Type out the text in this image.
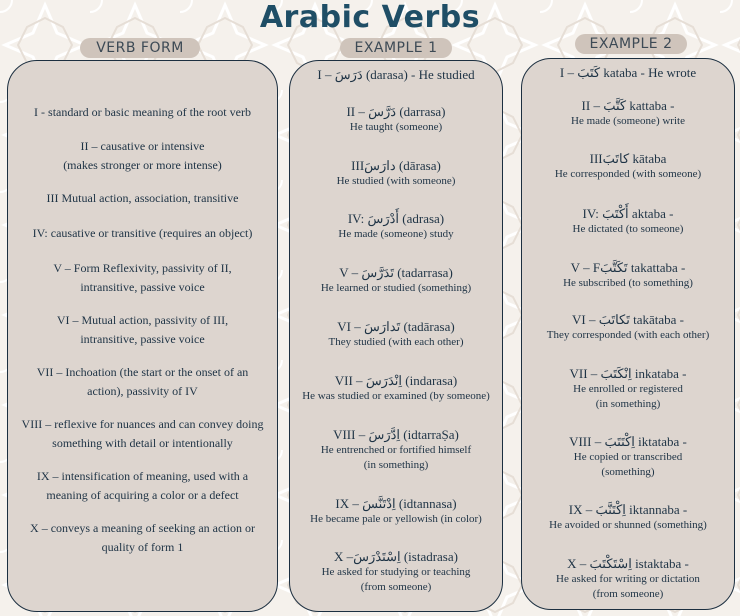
Arabic Verbs
VERB FORM	EXAMPLE 1	EXAMPLE 2
I - standard or basic meaning of the root verb
II – causative or intensive
(makes stronger or more intense)
III Mutual action, association, transitive
IV: causative or transitive (requires an object)
V – Form Reflexivity, passivity of II,
intransitive, passive voice
VI – Mutual action, passivity of III,
intransitive, passive voice
VII – Inchoation (the start or the onset of an
action), passivity of IV
VIII – reflexive for nuances and can convey doing
something with detail or intentionally
IX – intensification of meaning, used with a
meaning of acquiring a color or a defect
X – conveys a meaning of seeking an action or
quality of form 1
I – دَرَسَ (darasa) - He studied
II – دَرَّسَ (darrasa)
He taught (someone)
IIIدارَسَ (dārasa)
He studied (with someone)
IV: أَدْرَسَ (adrasa)
He made (someone) study
V – تَدَرَّسَ (tadarrasa)
He learned or studied (something)
VI – تَدارَسَ (tadārasa)
They studied (with each other)
VII – اِنْدَرَسَ (indarasa)
He was studied or examined (by someone)
VIII – اِدَّرَسَ (idtarraṢa)
He entrenched or fortified himself
(in something)
IX – اِدْتَنَّسَ (idtannasa)
He became pale or yellowish (in color)
X –اِسْتَدْرَسَ (istadrasa)
He asked for studying or teaching
(from someone)
I – كَتَبَ kataba - He wrote
II – كَتَّبَ kattaba -
He made (someone) write
IIIكاتَبَ kātaba
He corresponded (with someone)
IV: أَكْتَبَ aktaba -
He dictated (to someone)
V – Fتَكَتَّبَ takattaba -
He subscribed (to something)
VI – تَكاتَبَ takātaba -
They corresponded (with each other)
VII – اِنْكَتَبَ inkataba -
He enrolled or registered
(in something)
VIII – اِكْتَتَبَ iktataba -
He copied or transcribed
(something)
IX – اِكْتَنَّبَ iktannaba -
He avoided or shunned (something)
X – اِسْتَكْتَبَ istaktaba -
He asked for writing or dictation
(from someone)
